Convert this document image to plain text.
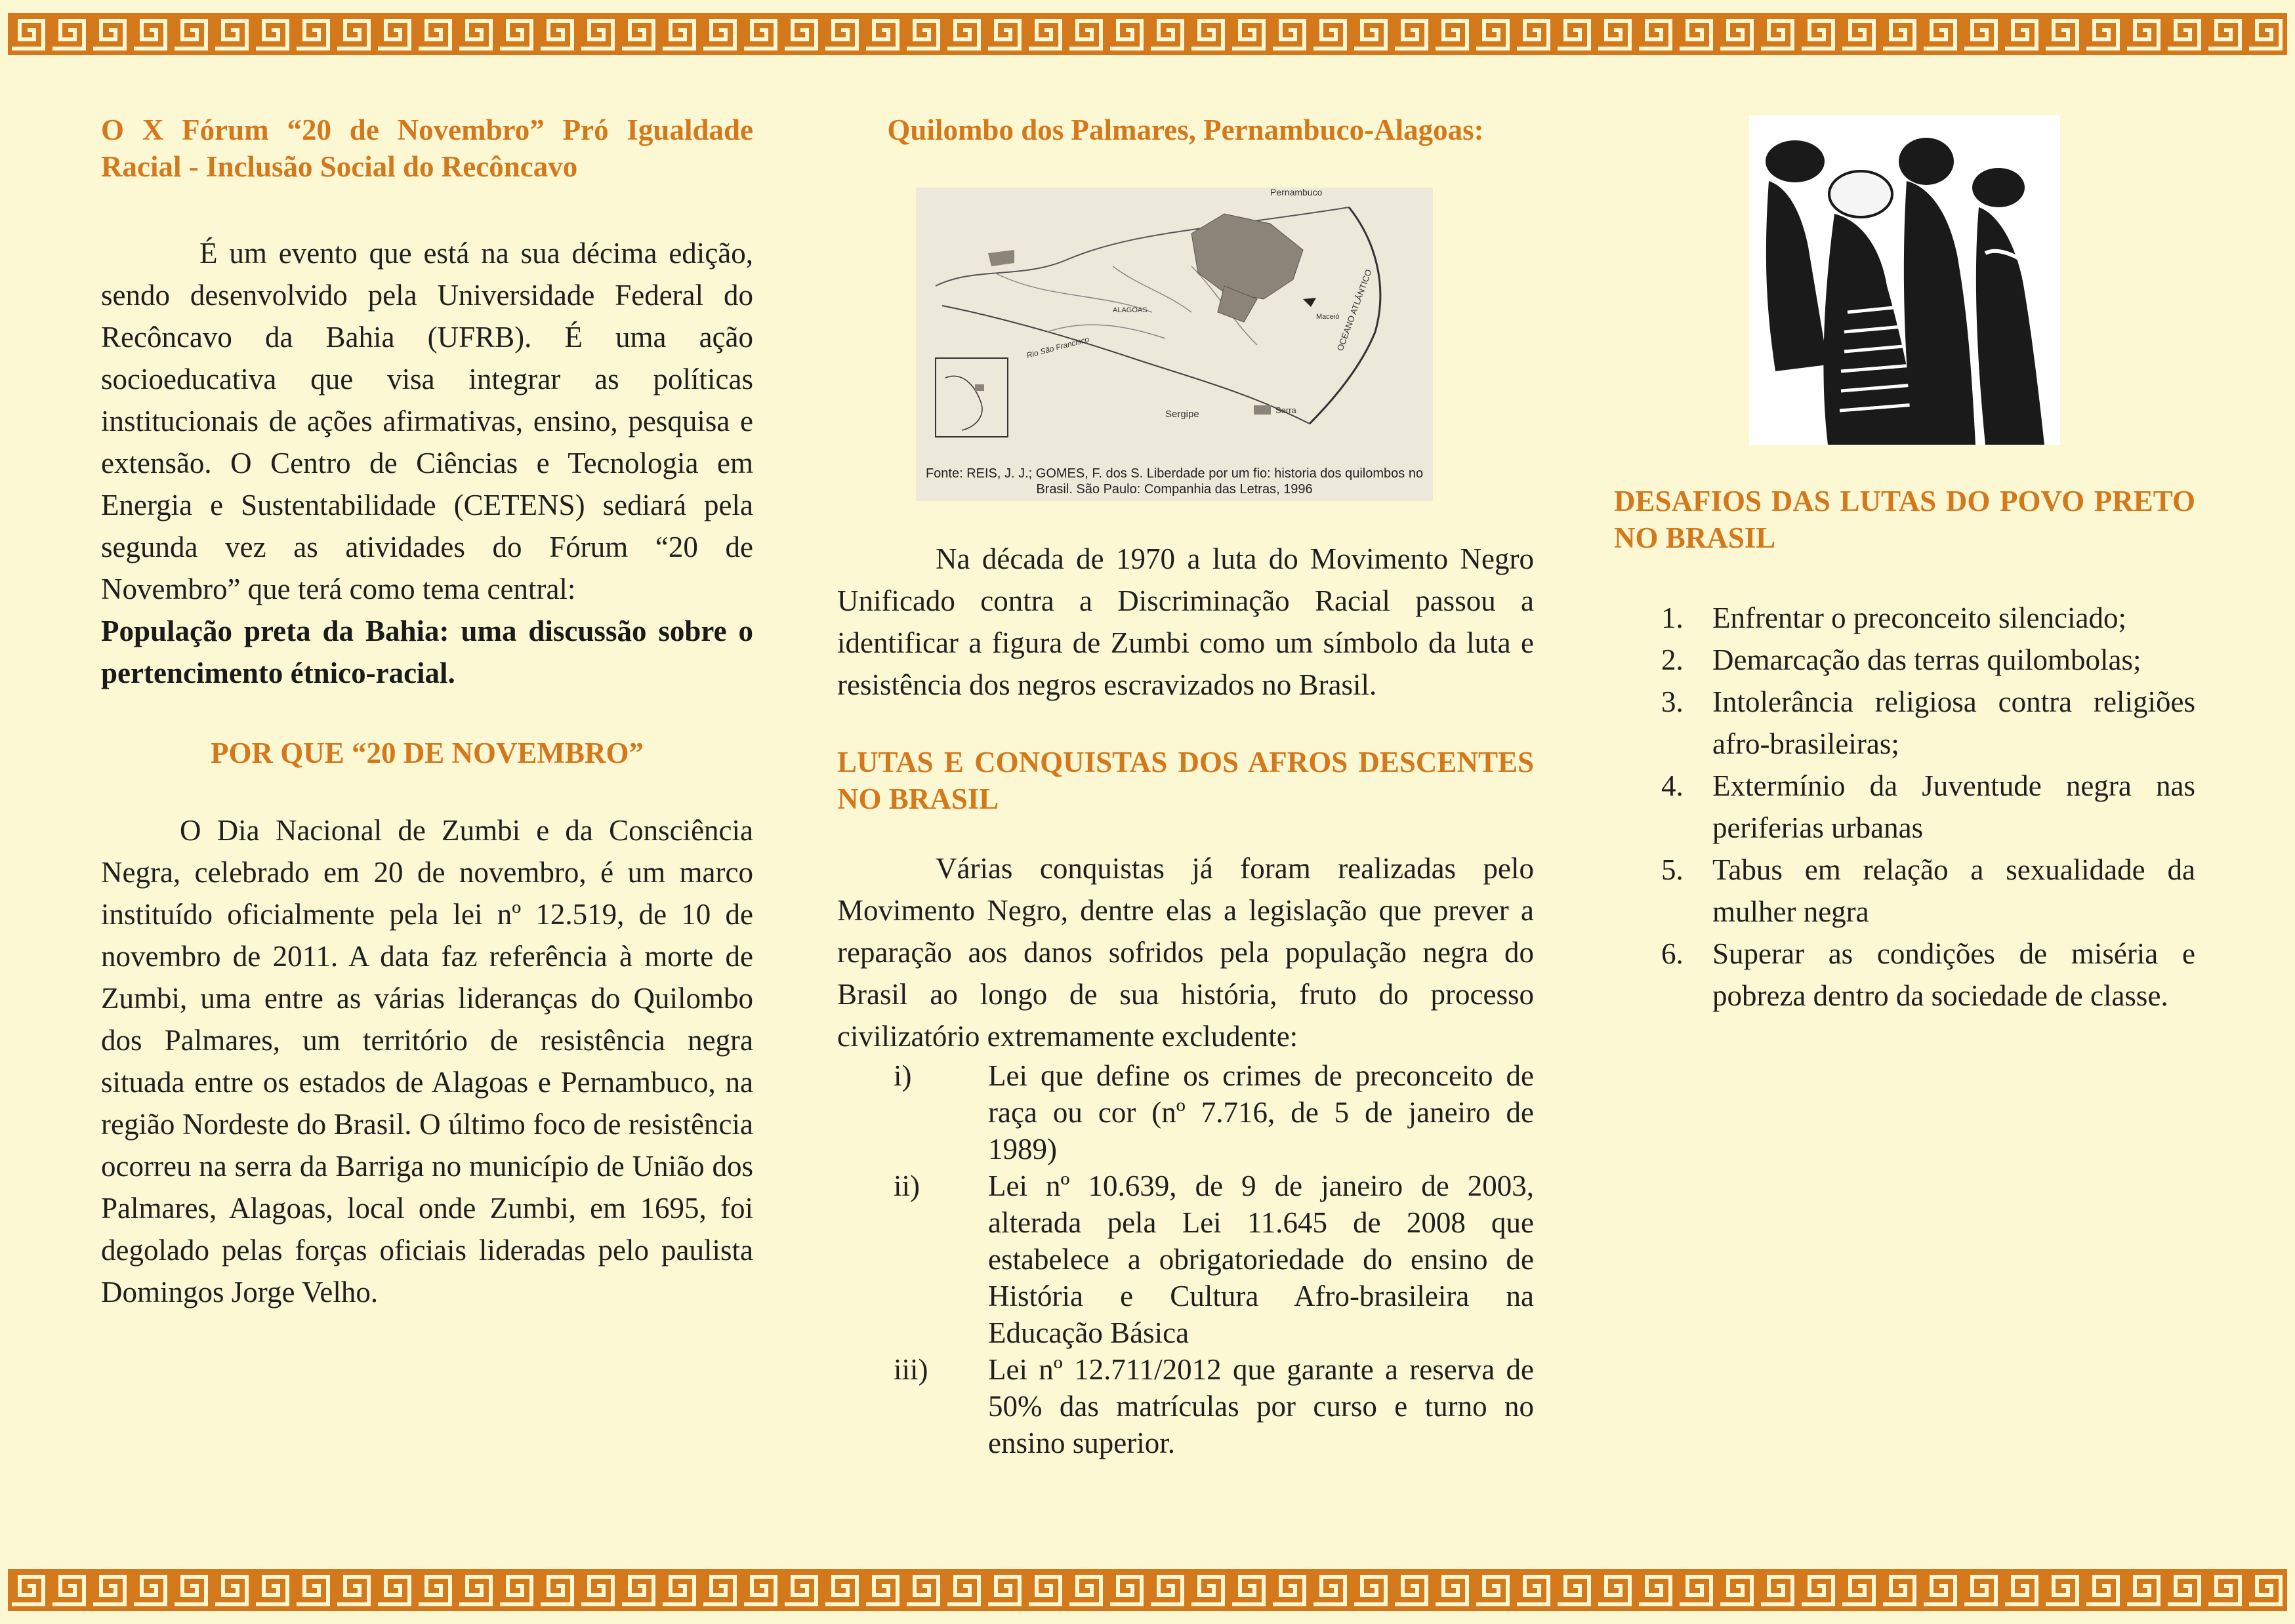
O X Fórum “20 de Novembro” Pró Igualdade Racial - Inclusão Social do Recôncavo

É um evento que está na sua décima edição, sendo desenvolvido pela Universidade Federal do Recôncavo da Bahia (UFRB). É uma ação socioeducativa que visa integrar as políticas institucionais de ações afirmativas, ensino, pesquisa e extensão. O Centro de Ciências e Tecnologia em Energia e Sustentabilidade (CETENS) sediará pela segunda vez as atividades do Fórum “20 de Novembro” que terá como tema central:

População preta da Bahia: uma discussão sobre o pertencimento étnico-racial.

POR QUE “20 DE NOVEMBRO”

O Dia Nacional de Zumbi e da Consciência Negra, celebrado em 20 de novembro, é um marco instituído oficialmente pela lei nº 12.519, de 10 de novembro de 2011. A data faz referência à morte de Zumbi, uma entre as várias lideranças do Quilombo dos Palmares, um território de resistência negra situada entre os estados de Alagoas e Pernambuco, na região Nordeste do Brasil. O último foco de resistência ocorreu na serra da Barriga no município de União dos Palmares, Alagoas, local onde Zumbi, em 1695, foi degolado pelas forças oficiais lideradas pelo paulista Domingos Jorge Velho.

Quilombo dos Palmares, Pernambuco-Alagoas:
Serra
Pernambuco
Sergipe
Maceió
ALAGOAS
Rio São Francisco	OCEANO ATLÂNTICO
Fonte: REIS, J. J.; GOMES, F. dos S. Liberdade por um fio: historia dos quilombos no Brasil. São Paulo: Companhia das Letras, 1996

Na década de 1970 a luta do Movimento Negro Unificado contra a Discriminação Racial passou a identificar a figura de Zumbi como um símbolo da luta e resistência dos negros escravizados no Brasil.

LUTAS E CONQUISTAS DOS AFROS DESCENTES NO BRASIL

Várias conquistas já foram realizadas pelo Movimento Negro, dentre elas a legislação que prever a reparação aos danos sofridos pela população negra do Brasil ao longo de sua história, fruto do processo civilizatório extremamente excludente:

i)	Lei que define os crimes de preconceito de raça ou cor (nº 7.716, de 5 de janeiro de 1989)
ii) Lei nº 10.639, de 9 de janeiro de 2003, alterada pela Lei 11.645 de 2008 que estabelece a obrigatoriedade do ensino de História e Cultura Afro-brasileira na Educação Básica
iii) Lei nº 12.711/2012 que garante a reserva de 50% das matrículas por curso e turno no ensino superior.
DESAFIOS DAS LUTAS DO POVO PRETO NO BRASIL
1. Enfrentar o preconceito silenciado;
2. Demarcação das terras quilombolas;
3. Intolerância religiosa contra religiões afro-brasileiras;
4. Extermínio da Juventude negra nas periferias urbanas
5. Tabus em relação a sexualidade da mulher negra
6. Superar as condições de miséria e pobreza dentro da sociedade de classe.
